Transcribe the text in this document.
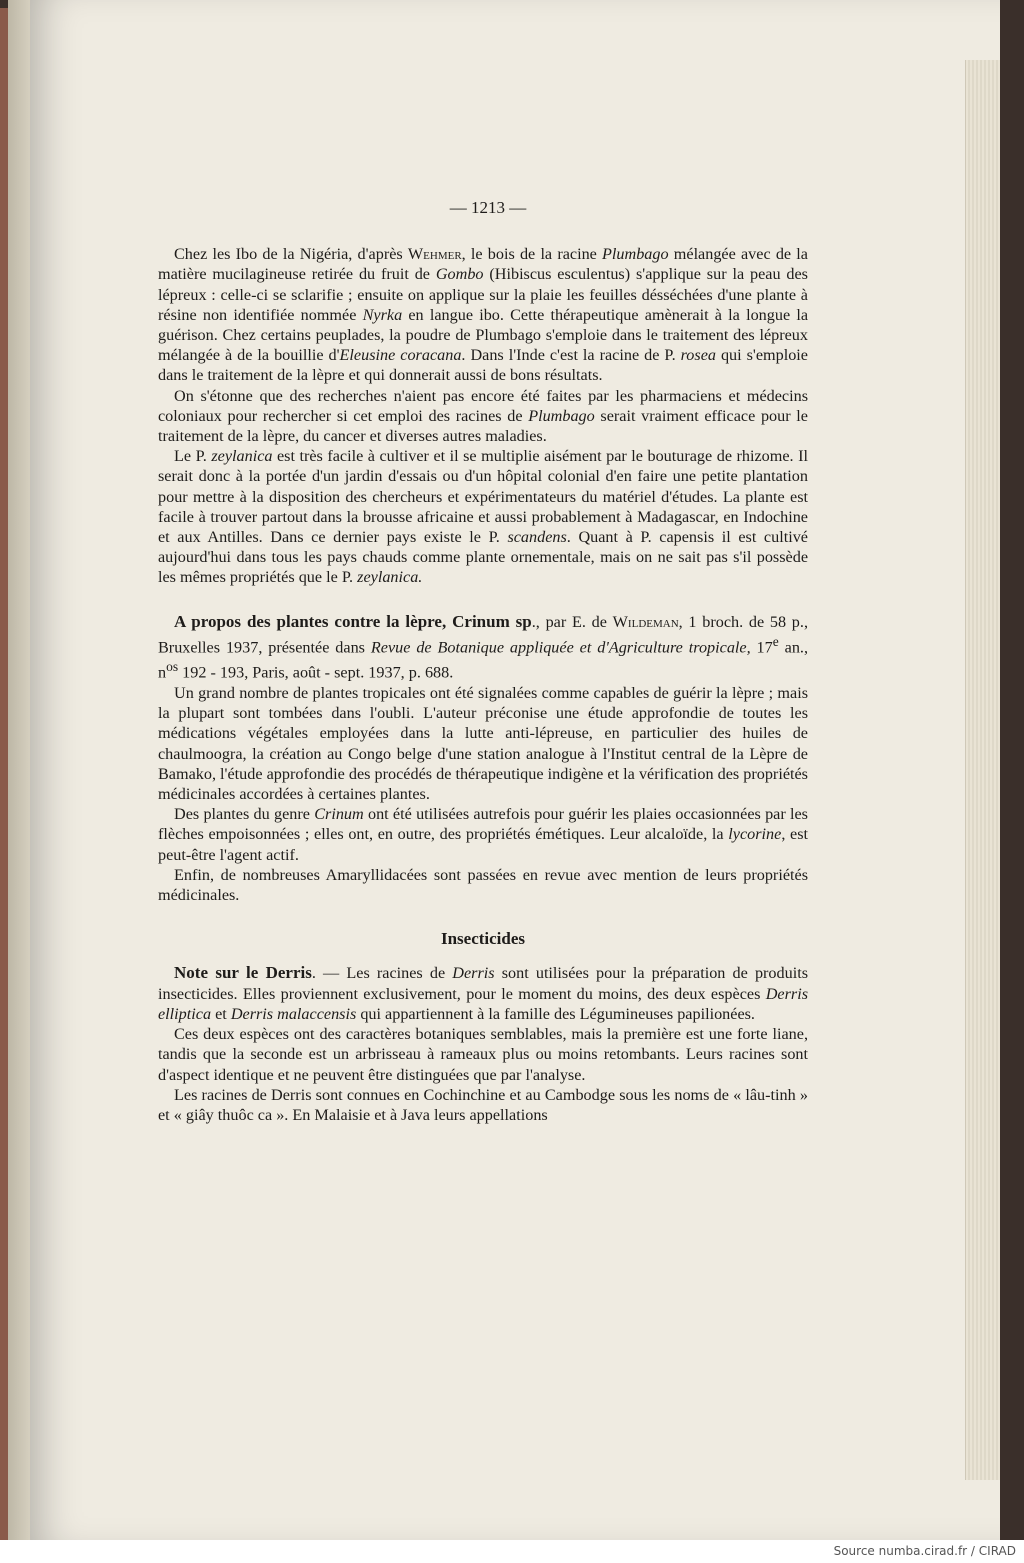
— 1213 —

Chez les Ibo de la Nigéria, d'après Wehmer, le bois de la racine Plumbago mélangée avec de la matière mucilagineuse retirée du fruit de Gombo (Hibiscus esculentus) s'applique sur la peau des lépreux : celle-ci se sclarifie ; ensuite on applique sur la plaie les feuilles désséchées d'une plante à résine non identifiée nommée Nyrka en langue ibo. Cette thérapeutique amènerait à la longue la guérison. Chez certains peuplades, la poudre de Plumbago s'emploie dans le traitement des lépreux mélangée à de la bouillie d'Eleusine coracana. Dans l'Inde c'est la racine de P. rosea qui s'emploie dans le traitement de la lèpre et qui donnerait aussi de bons résultats.

On s'étonne que des recherches n'aient pas encore été faites par les pharmaciens et médecins coloniaux pour rechercher si cet emploi des racines de Plumbago serait vraiment efficace pour le traitement de la lèpre, du cancer et diverses autres maladies.

Le P. zeylanica est très facile à cultiver et il se multiplie aisément par le bouturage de rhizome. Il serait donc à la portée d'un jardin d'essais ou d'un hôpital colonial d'en faire une petite plantation pour mettre à la disposition des chercheurs et expérimentateurs du matériel d'études. La plante est facile à trouver partout dans la brousse africaine et aussi probablement à Madagascar, en Indochine et aux Antilles. Dans ce dernier pays existe le P. scandens. Quant à P. capensis il est cultivé aujourd'hui dans tous les pays chauds comme plante ornementale, mais on ne sait pas s'il possède les mêmes propriétés que le P. zeylanica.

A propos des plantes contre la lèpre, Crinum sp., par E. de Wildeman, 1 broch. de 58 p., Bruxelles 1937, présentée dans Revue de Botanique appliquée et d'Agriculture tropicale, 17e an., $n^{os}$ 192 - 193, Paris, août - sept. 1937, p. 688.

Un grand nombre de plantes tropicales ont été signalées comme capables de guérir la lèpre ; mais la plupart sont tombées dans l'oubli. L'auteur préconise une étude approfondie de toutes les médications végétales employées dans la lutte anti-lépreuse, en particulier des huiles de chaulmoogra, la création au Congo belge d'une station analogue à l'Institut central de la Lèpre de Bamako, l'étude approfondie des procédés de thérapeutique indigène et la vérification des propriétés médicinales accordées à certaines plantes.

Des plantes du genre Crinum ont été utilisées autrefois pour guérir les plaies occasionnées par les flèches empoisonnées ; elles ont, en outre, des propriétés émétiques. Leur alcaloïde, la lycorine, est peut-être l'agent actif.

Enfin, de nombreuses Amaryllidacées sont passées en revue avec mention de leurs propriétés médicinales.

Insecticides

Note sur le Derris. — Les racines de Derris sont utilisées pour la préparation de produits insecticides. Elles proviennent exclusivement, pour le moment du moins, des deux espèces Derris elliptica et Derris malaccensis qui appartiennent à la famille des Légumineuses papilionées.

Ces deux espèces ont des caractères botaniques semblables, mais la première est une forte liane, tandis que la seconde est un arbrisseau à rameaux plus ou moins retombants. Leurs racines sont d'aspect identique et ne peuvent être distinguées que par l'analyse.

Les racines de Derris sont connues en Cochinchine et au Cambodge sous les noms de « lâu-tinh » et « giây thuôc ca ». En Malaisie et à Java leurs appellations

Source numba.cirad.fr / CIRAD
